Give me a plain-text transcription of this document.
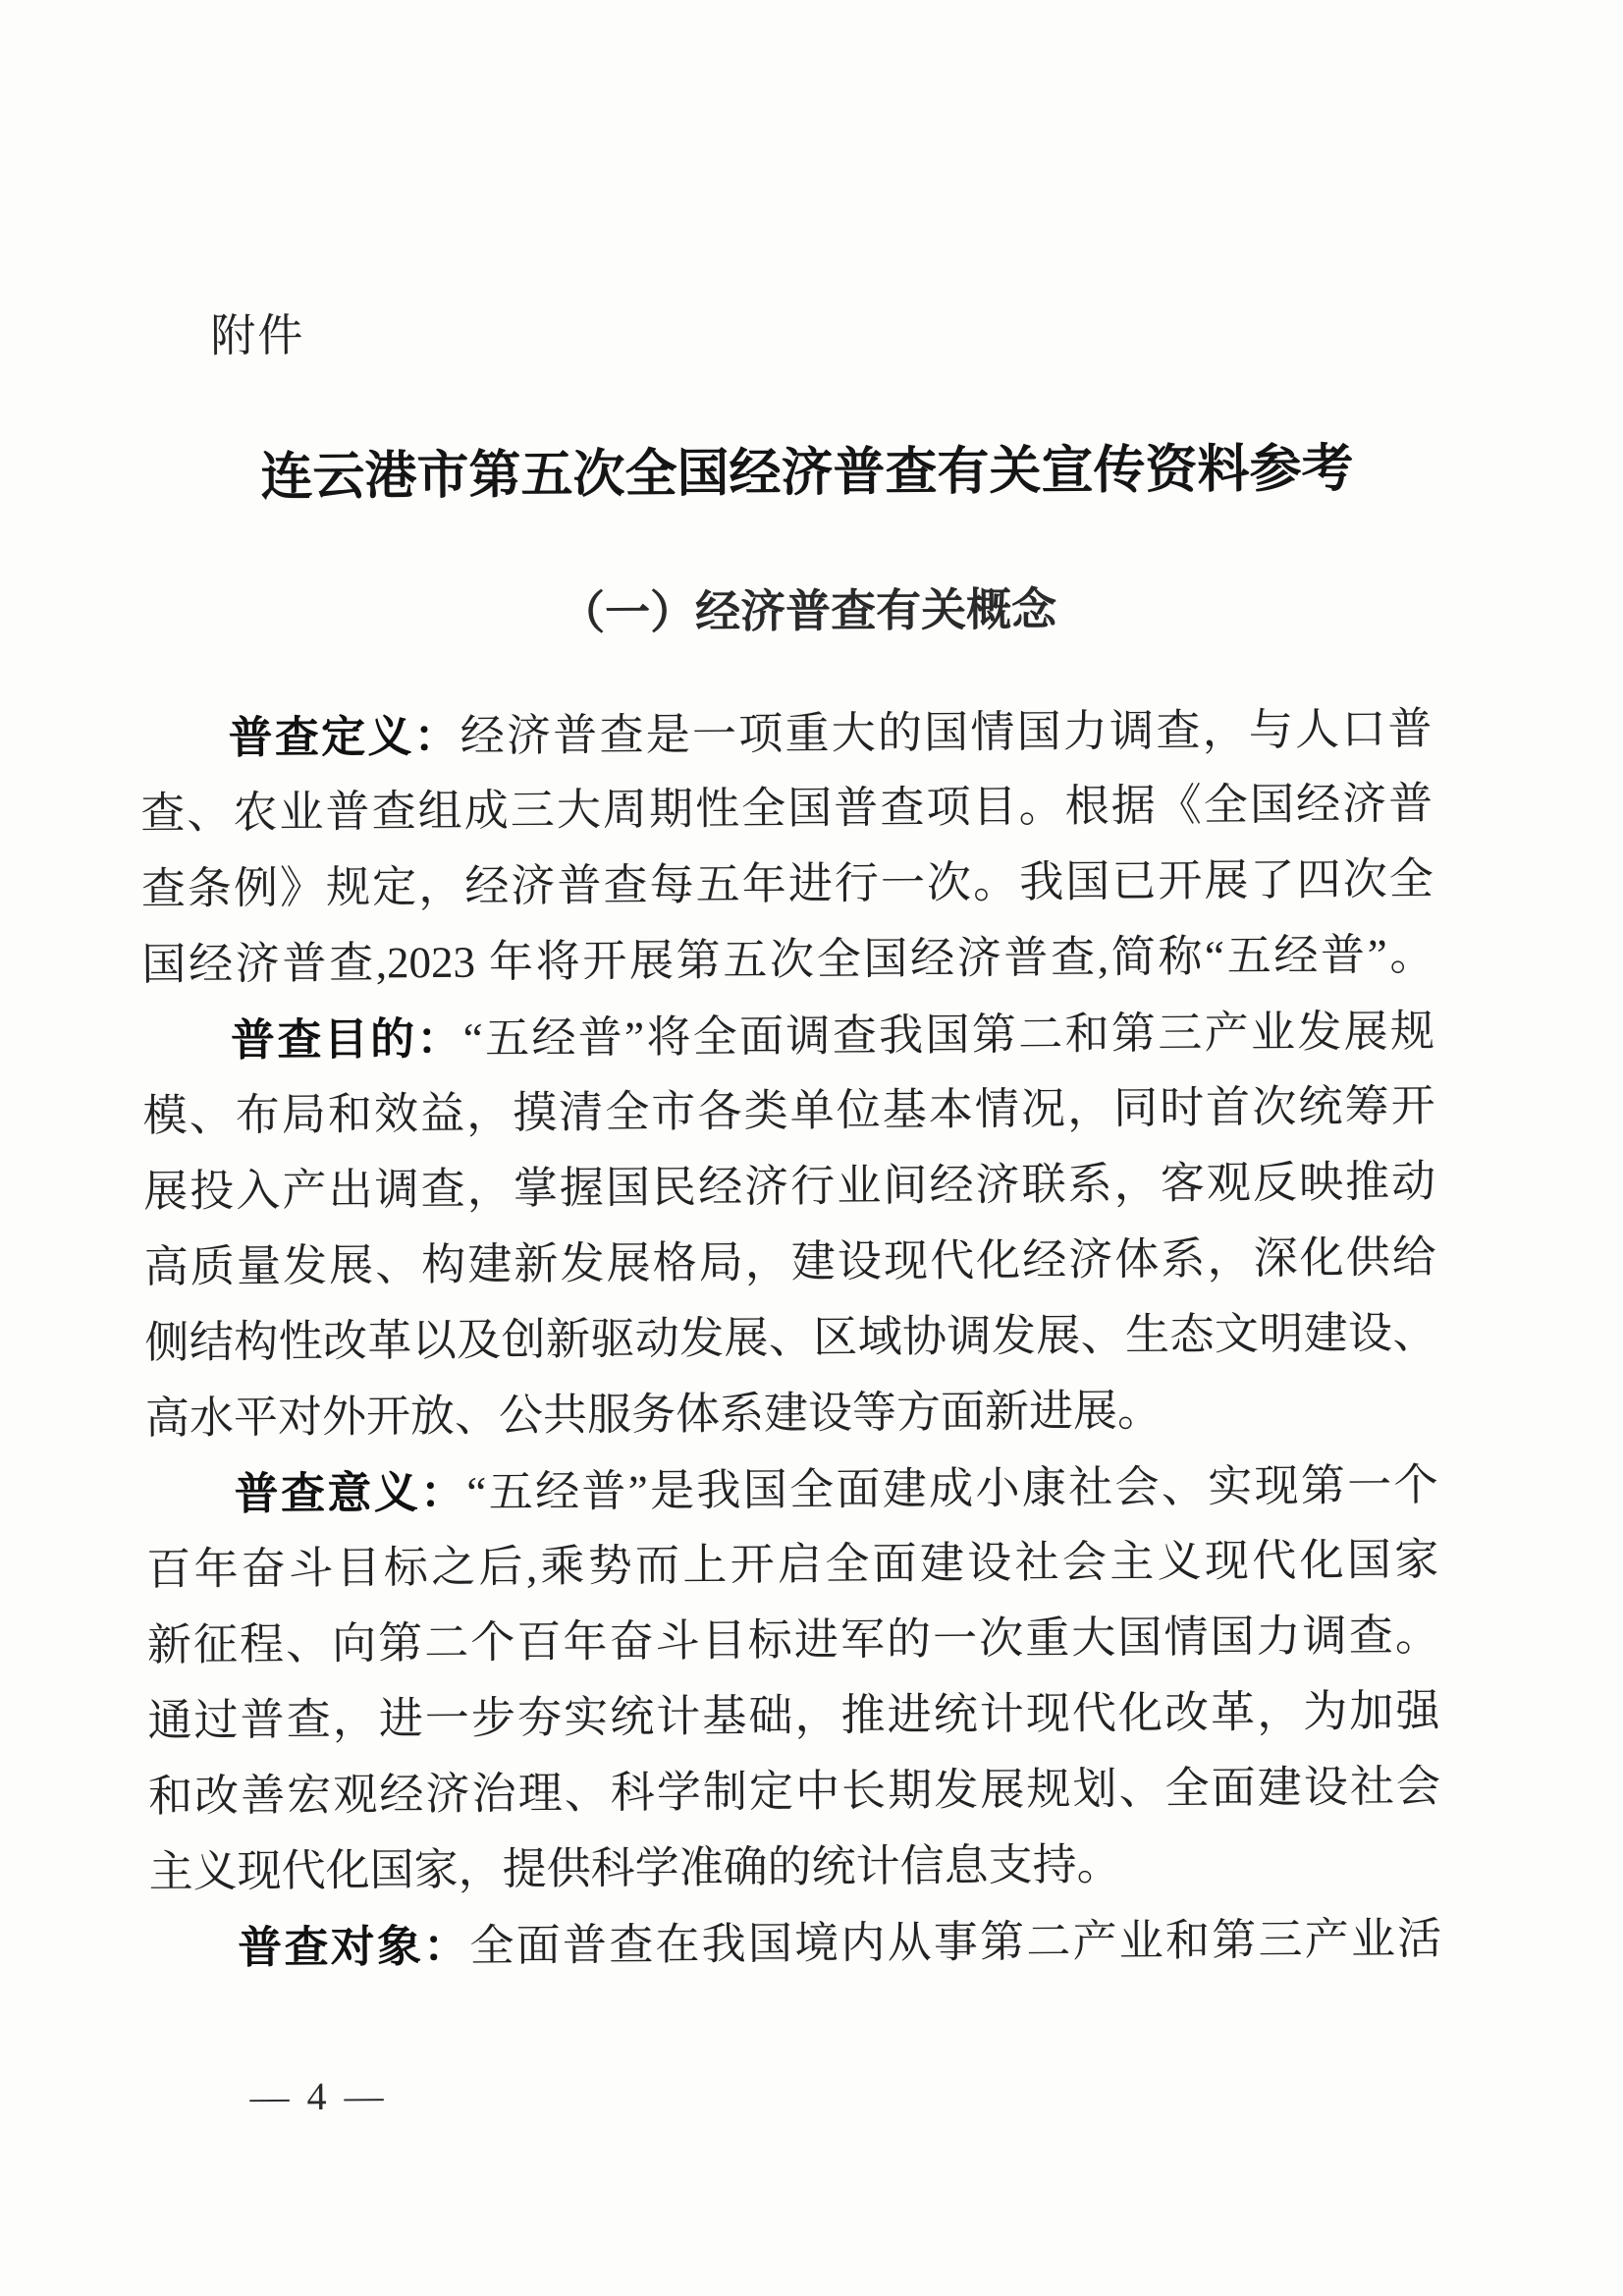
附件
连云港市第五次全国经济普查有关宣传资料参考
（一）经济普查有关概念
普查定义：经济普查是一项重大的国情国力调查，与人口普
查、农业普查组成三大周期性全国普查项目。根据《全国经济普
查条例》规定，经济普查每五年进行一次。我国已开展了四次全
国经济普查,2023 年将开展第五次全国经济普查,简称“五经普”。
普查目的：“五经普”将全面调查我国第二和第三产业发展规
模、布局和效益，摸清全市各类单位基本情况，同时首次统筹开
展投入产出调查，掌握国民经济行业间经济联系，客观反映推动
高质量发展、构建新发展格局，建设现代化经济体系，深化供给
侧结构性改革以及创新驱动发展、区域协调发展、生态文明建设、
高水平对外开放、公共服务体系建设等方面新进展。
普查意义：“五经普”是我国全面建成小康社会、实现第一个
百年奋斗目标之后,乘势而上开启全面建设社会主义现代化国家
新征程、向第二个百年奋斗目标进军的一次重大国情国力调查。
通过普查，进一步夯实统计基础，推进统计现代化改革，为加强
和改善宏观经济治理、科学制定中长期发展规划、全面建设社会
主义现代化国家，提供科学准确的统计信息支持。
普查对象：全面普查在我国境内从事第二产业和第三产业活
— 4 —
